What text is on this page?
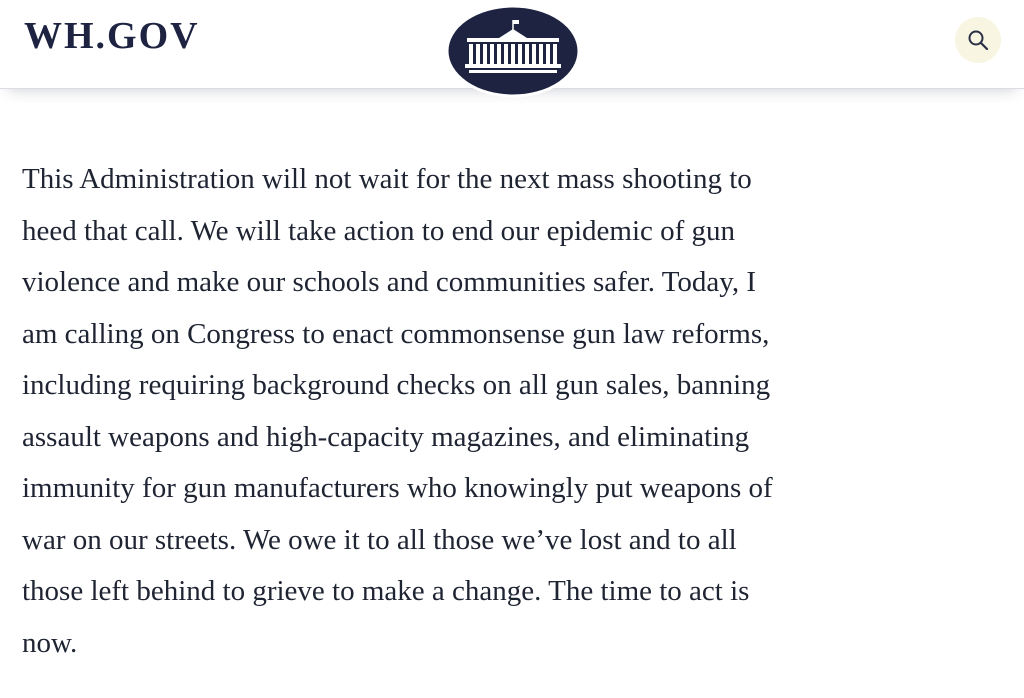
WH.GOV

This Administration will not wait for the next mass shooting to

heed that call. We will take action to end our epidemic of gun

violence and make our schools and communities safer. Today, I

am calling on Congress to enact commonsense gun law reforms,

including requiring background checks on all gun sales, banning

assault weapons and high-capacity magazines, and eliminating

immunity for gun manufacturers who knowingly put weapons of

war on our streets. We owe it to all those we’ve lost and to all

those left behind to grieve to make a change. The time to act is

now.
